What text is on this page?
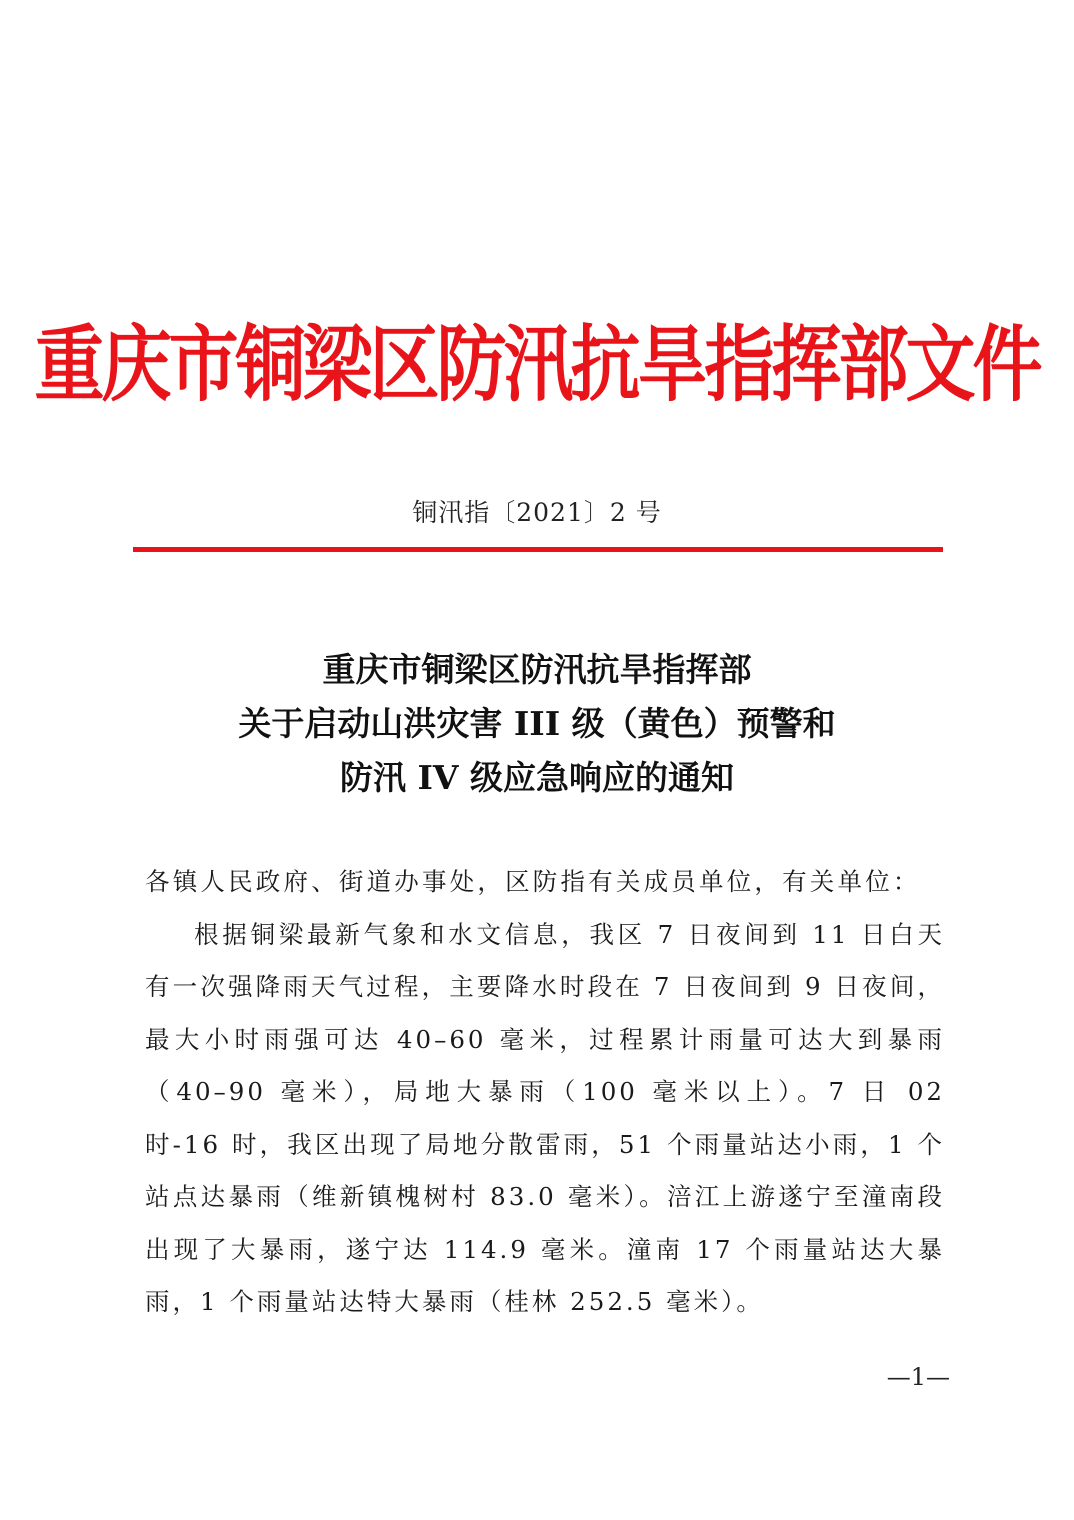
重庆市铜梁区防汛抗旱指挥部文件
铜汛指〔2021〕2 号
重庆市铜梁区防汛抗旱指挥部
关于启动山洪灾害 III 级（黄色）预警和
防汛 IV 级应急响应的通知
各镇人民政府、街道办事处，区防指有关成员单位，有关单位：

根据铜梁最新气象和水文信息，我区 7 日夜间到 11 日白天有一次强降雨天气过程，主要降水时段在 7 日夜间到 9 日夜间，最大小时雨强可达 40–60 毫米，过程累计雨量可达大到暴雨（40–90 毫米），局地大暴雨（100 毫米以上）。7 日 02 时-16 时，我区出现了局地分散雷雨，51 个雨量站达小雨，1 个站点达暴雨（维新镇槐树村 83.0 毫米）。涪江上游遂宁至潼南段出现了大暴雨，遂宁达 114.9 毫米。潼南 17 个雨量站达大暴雨，1 个雨量站达特大暴雨（桂林 252.5 毫米）。

—1—
